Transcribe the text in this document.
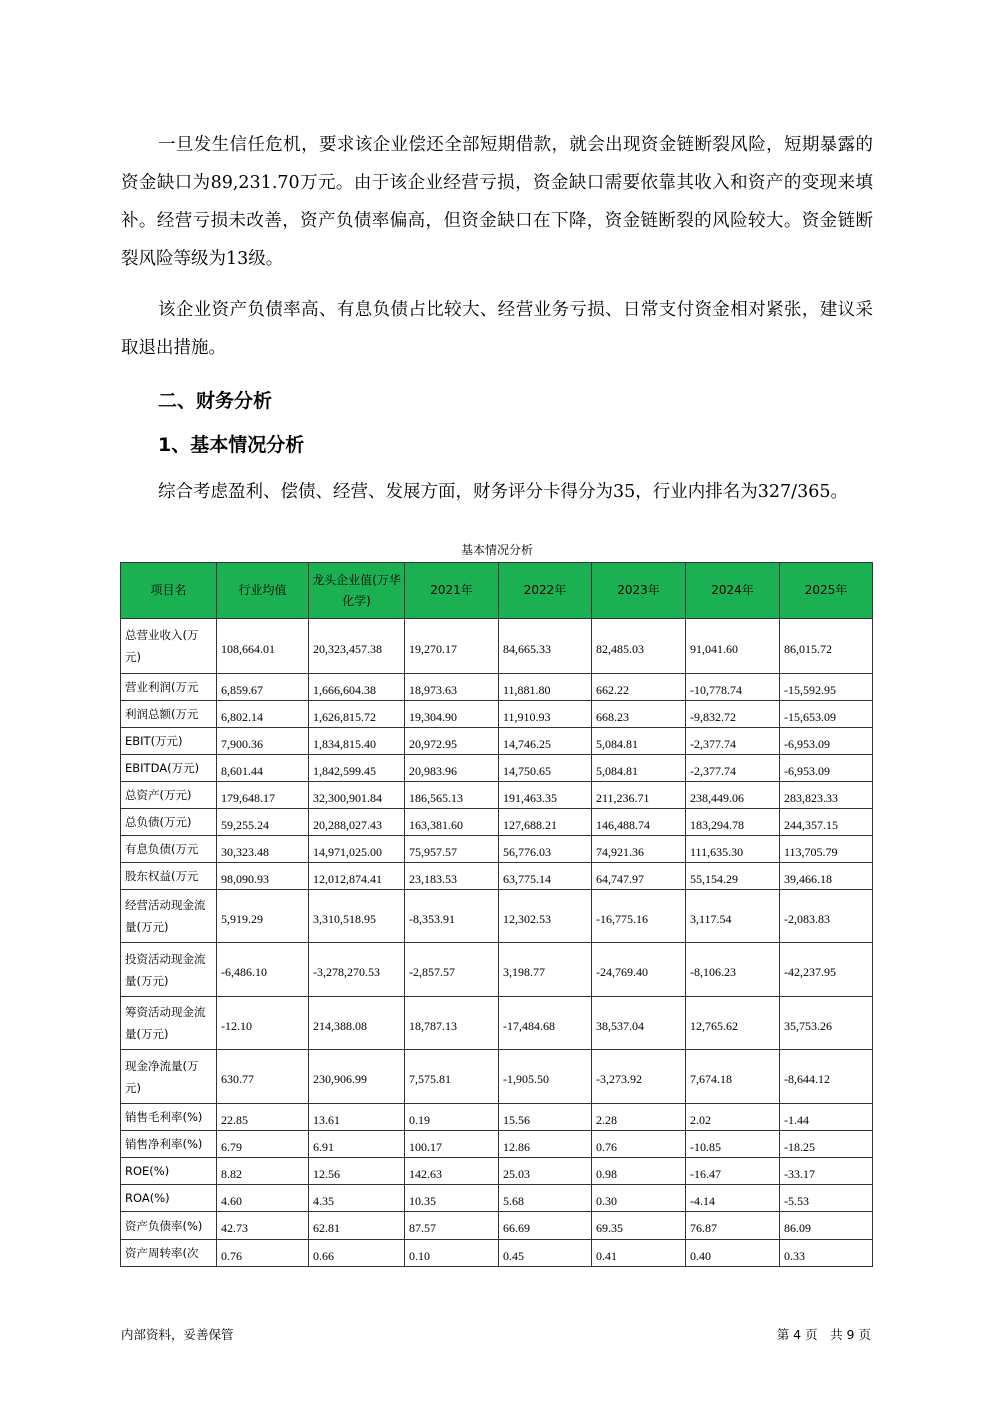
一旦发生信任危机，要求该企业偿还全部短期借款，就会出现资金链断裂风险，短期暴露的资金缺口为89,231.70万元。由于该企业经营亏损，资金缺口需要依靠其收入和资产的变现来填补。经营亏损未改善，资产负债率偏高，但资金缺口在下降，资金链断裂的风险较大。资金链断裂风险等级为13级。

该企业资产负债率高、有息负债占比较大、经营业务亏损、日常支付资金相对紧张，建议采取退出措施。

二、财务分析
1、基本情况分析

综合考虑盈利、偿债、经营、发展方面，财务评分卡得分为35，行业内排名为327/365。

基本情况分析
项目名	行业均值	龙头企业值(万华化学)	2021年	2022年	2023年	2024年	2025年
总营业收入(万元)	108,664.01	20,323,457.38	19,270.17	84,665.33	82,485.03	91,041.60	86,015.72
营业利润(万元	6,859.67	1,666,604.38	18,973.63	11,881.80	662.22	-10,778.74	-15,592.95
利润总额(万元	6,802.14	1,626,815.72	19,304.90	11,910.93	668.23	-9,832.72	-15,653.09
EBIT(万元)	7,900.36	1,834,815.40	20,972.95	14,746.25	5,084.81	-2,377.74	-6,953.09
EBITDA(万元)	8,601.44	1,842,599.45	20,983.96	14,750.65	5,084.81	-2,377.74	-6,953.09
总资产(万元)	179,648.17	32,300,901.84	186,565.13	191,463.35	211,236.71	238,449.06	283,823.33
总负债(万元)	59,255.24	20,288,027.43	163,381.60	127,688.21	146,488.74	183,294.78	244,357.15
有息负债(万元	30,323.48	14,971,025.00	75,957.57	56,776.03	74,921.36	111,635.30	113,705.79
股东权益(万元	98,090.93	12,012,874.41	23,183.53	63,775.14	64,747.97	55,154.29	39,466.18
经营活动现金流量(万元)	5,919.29	3,310,518.95	-8,353.91	12,302.53	-16,775.16	3,117.54	-2,083.83
投资活动现金流量(万元)	-6,486.10	-3,278,270.53	-2,857.57	3,198.77	-24,769.40	-8,106.23	-42,237.95
筹资活动现金流量(万元)	-12.10	214,388.08	18,787.13	-17,484.68	38,537.04	12,765.62	35,753.26
现金净流量(万元)	630.77	230,906.99	7,575.81	-1,905.50	-3,273.92	7,674.18	-8,644.12
销售毛利率(%)	22.85	13.61	0.19	15.56	2.28	2.02	-1.44
销售净利率(%)	6.79	6.91	100.17	12.86	0.76	-10.85	-18.25
ROE(%)	8.82	12.56	142.63	25.03	0.98	-16.47	-33.17
ROA(%)	4.60	4.35	10.35	5.68	0.30	-4.14	-5.53
资产负债率(%)	42.73	62.81	87.57	66.69	69.35	76.87	86.09
资产周转率(次	0.76	0.66	0.10	0.45	0.41	0.40	0.33
内部资料，妥善保管	第 4 页　共 9 页
